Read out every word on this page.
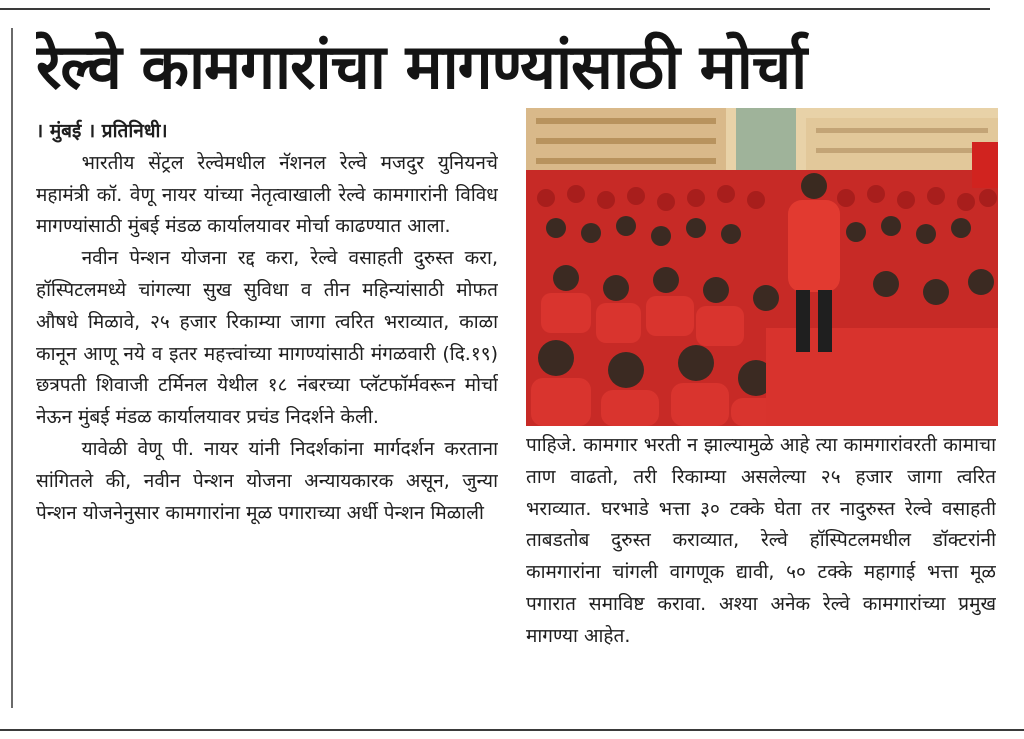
रेल्वे कामगारांचा मागण्यांसाठी मोर्चा
। मुंबई । प्रतिनिधी।

भारतीय सेंट्रल रेल्वेमधील नॅशनल रेल्वे मजदुर युनियनचे महामंत्री कॉ. वेणू नायर यांच्या नेतृत्वाखाली रेल्वे कामगारांनी विविध मागण्यांसाठी मुंबई मंडळ कार्यालयावर मोर्चा काढण्यात आला.

नवीन पेन्शन योजना रद्द करा, रेल्वे वसाहती दुरुस्त करा, हॉस्पिटलमध्ये चांगल्या सुख सुविधा व तीन महिन्यांसाठी मोफत औषधे मिळावे, २५ हजार रिकाम्या जागा त्वरित भराव्यात, काळा कानून आणू नये व इतर महत्त्वांच्या मागण्यांसाठी मंगळवारी (दि.१९) छत्रपती शिवाजी टर्मिनल येथील १८ नंबरच्या प्लॅटफॉर्मवरून मोर्चा नेऊन मुंबई मंडळ कार्यालयावर प्रचंड निदर्शने केली.

यावेळी वेणू पी. नायर यांनी निदर्शकांना मार्गदर्शन करताना सांगितले की, नवीन पेन्शन योजना अन्यायकारक असून, जुन्या पेन्शन योजनेनुसार कामगारांना मूळ पगाराच्या अर्धी पेन्शन मिळाली

पाहिजे. कामगार भरती न झाल्यामुळे आहे त्या कामगारांवरती कामाचा ताण वाढतो, तरी रिकाम्या असलेल्या २५ हजार जागा त्वरित भराव्यात. घरभाडे भत्ता ३० टक्के घेता तर नादुरुस्त रेल्वे वसाहती ताबडतोब दुरुस्त कराव्यात, रेल्वे हॉस्पिटलमधील डॉक्टरांनी कामगारांना चांगली वागणूक द्यावी, ५० टक्के महागाई भत्ता मूळ पगारात समाविष्ट करावा. अश्या अनेक रेल्वे कामगारांच्या प्रमुख मागण्या आहेत.
